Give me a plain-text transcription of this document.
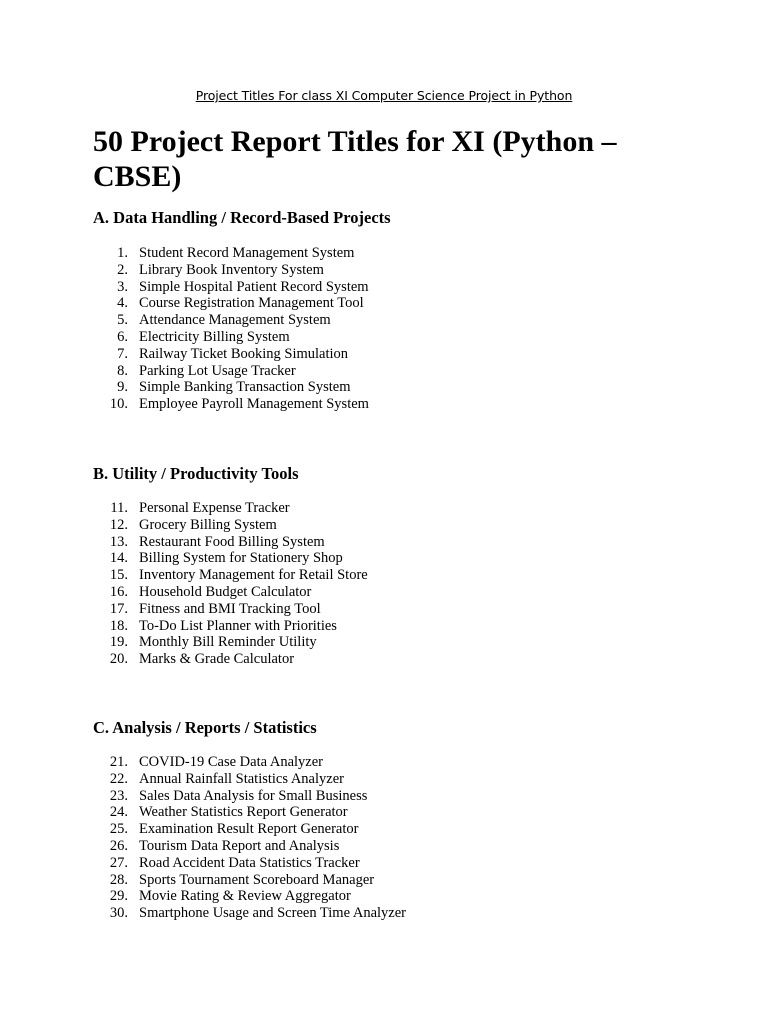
Project Titles For class XI Computer Science Project in Python
50 Project Report Titles for XI (Python – CBSE)
A. Data Handling / Record-Based Projects
1. Student Record Management System
2. Library Book Inventory System
3. Simple Hospital Patient Record System
4. Course Registration Management Tool
5. Attendance Management System
6. Electricity Billing System
7. Railway Ticket Booking Simulation
8. Parking Lot Usage Tracker
9. Simple Banking Transaction System
10. Employee Payroll Management System
B. Utility / Productivity Tools
11. Personal Expense Tracker
12. Grocery Billing System
13. Restaurant Food Billing System
14. Billing System for Stationery Shop
15. Inventory Management for Retail Store
16. Household Budget Calculator
17. Fitness and BMI Tracking Tool
18. To-Do List Planner with Priorities
19. Monthly Bill Reminder Utility
20. Marks & Grade Calculator
C. Analysis / Reports / Statistics
21. COVID-19 Case Data Analyzer
22. Annual Rainfall Statistics Analyzer
23. Sales Data Analysis for Small Business
24. Weather Statistics Report Generator
25. Examination Result Report Generator
26. Tourism Data Report and Analysis
27. Road Accident Data Statistics Tracker
28. Sports Tournament Scoreboard Manager
29. Movie Rating & Review Aggregator
30. Smartphone Usage and Screen Time Analyzer
